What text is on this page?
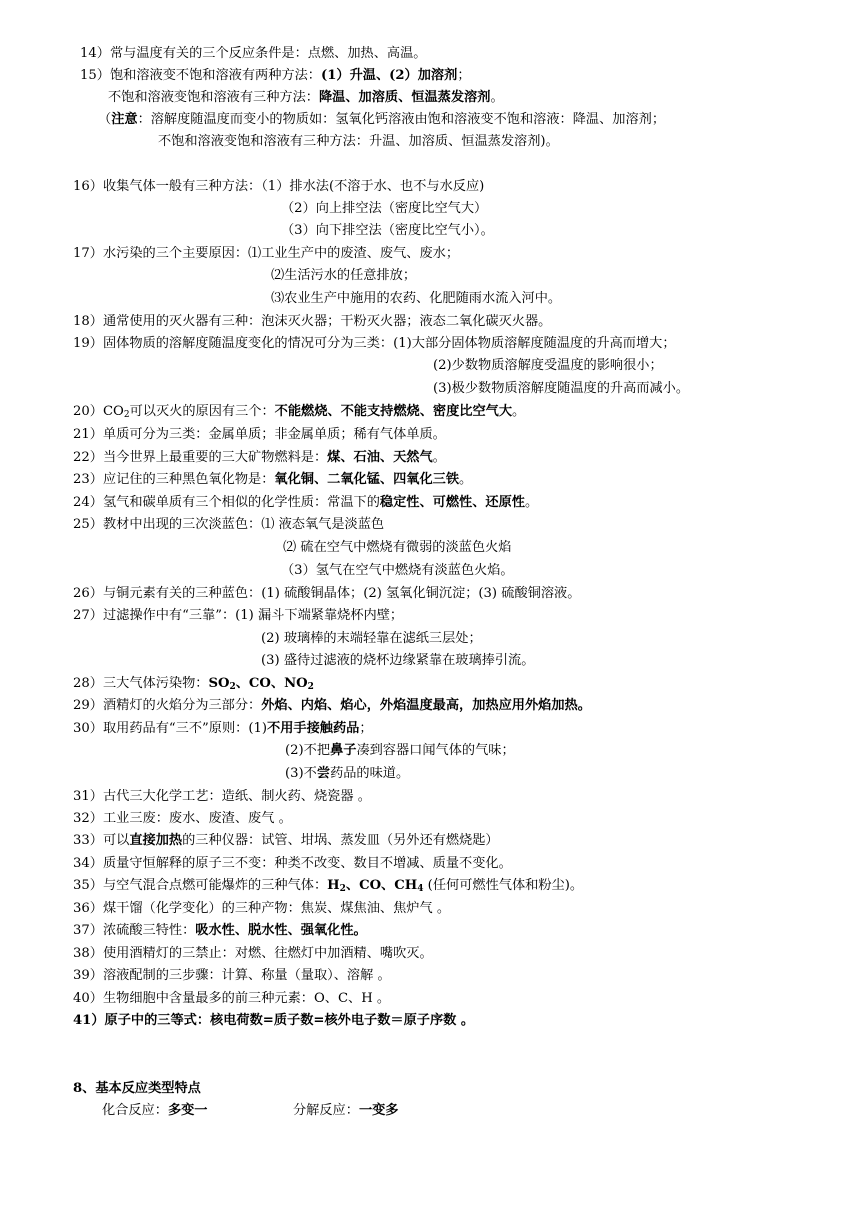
14）常与温度有关的三个反应条件是：点燃、加热、高温。
15）饱和溶液变不饱和溶液有两种方法：(1）升温、(2）加溶剂；
不饱和溶液变饱和溶液有三种方法：降温、加溶质、恒温蒸发溶剂。
（注意：溶解度随温度而变小的物质如：氢氧化钙溶液由饱和溶液变不饱和溶液：降温、加溶剂；
不饱和溶液变饱和溶液有三种方法：升温、加溶质、恒温蒸发溶剂)。
16）收集气体一般有三种方法：（1）排水法(不溶于水、也不与水反应)
（2）向上排空法（密度比空气大）
（3）向下排空法（密度比空气小）。
17）水污染的三个主要原因：⑴工业生产中的废渣、废气、废水；
⑵生活污水的任意排放；
⑶农业生产中施用的农药、化肥随雨水流入河中。
18）通常使用的灭火器有三种：泡沫灭火器；干粉灭火器；液态二氧化碳灭火器。
19）固体物质的溶解度随温度变化的情况可分为三类：(1)大部分固体物质溶解度随温度的升高而增大；
(2)少数物质溶解度受温度的影响很小；
(3)极少数物质溶解度随温度的升高而减小。
$20)CO_2$可以灭火的原因有三个：不能燃烧、不能支持燃烧、密度比空气大。
21）单质可分为三类：金属单质；非金属单质；稀有气体单质。
22）当今世界上最重要的三大矿物燃料是：煤、石油、天然气。
23）应记住的三种黑色氧化物是：氧化铜、二氧化锰、四氧化三铁。
24）氢气和碳单质有三个相似的化学性质：常温下的稳定性、可燃性、还原性。
25）教材中出现的三次淡蓝色：⑴ 液态氧气是淡蓝色
⑵ 硫在空气中燃烧有微弱的淡蓝色火焰
（3）氢气在空气中燃烧有淡蓝色火焰。
26）与铜元素有关的三种蓝色：(1) 硫酸铜晶体；(2) 氢氧化铜沉淀；(3) 硫酸铜溶液。
27）过滤操作中有“三靠”：(1) 漏斗下端紧靠烧杯内壁；
(2) 玻璃棒的末端轻靠在滤纸三层处；
(3) 盛待过滤液的烧杯边缘紧靠在玻璃捧引流。
28）三大气体污染物：$SO_2$、CO、$NO_2$
29）酒精灯的火焰分为三部分：外焰、内焰、焰心，外焰温度最高，加热应用外焰加热。
30）取用药品有“三不”原则：(1)不用手接触药品；
(2)不把鼻子凑到容器口闻气体的气味；
(3)不尝药品的味道。
31）古代三大化学工艺：造纸、制火药、烧瓷器 。
32）工业三废：废水、废渣、废气 。
33）可以直接加热的三种仪器：试管、坩埚、蒸发皿（另外还有燃烧匙）
34）质量守恒解释的原子三不变：种类不改变、数目不增减、质量不变化。
35）与空气混合点燃可能爆炸的三种气体：$H_2$、CO、$CH_4$ (任何可燃性气体和粉尘)。
36）煤干馏（化学变化）的三种产物：焦炭、煤焦油、焦炉气 。
37）浓硫酸三特性：吸水性、脱水性、强氧化性。
38）使用酒精灯的三禁止：对燃、往燃灯中加酒精、嘴吹灭。
39）溶液配制的三步骤：计算、称量（量取）、溶解 。
40）生物细胞中含量最多的前三种元素：O、C、H 。
41）原子中的三等式：核电荷数=质子数=核外电子数＝原子序数 。
8、基本反应类型特点
化合反应：多变一	分解反应：一变多
